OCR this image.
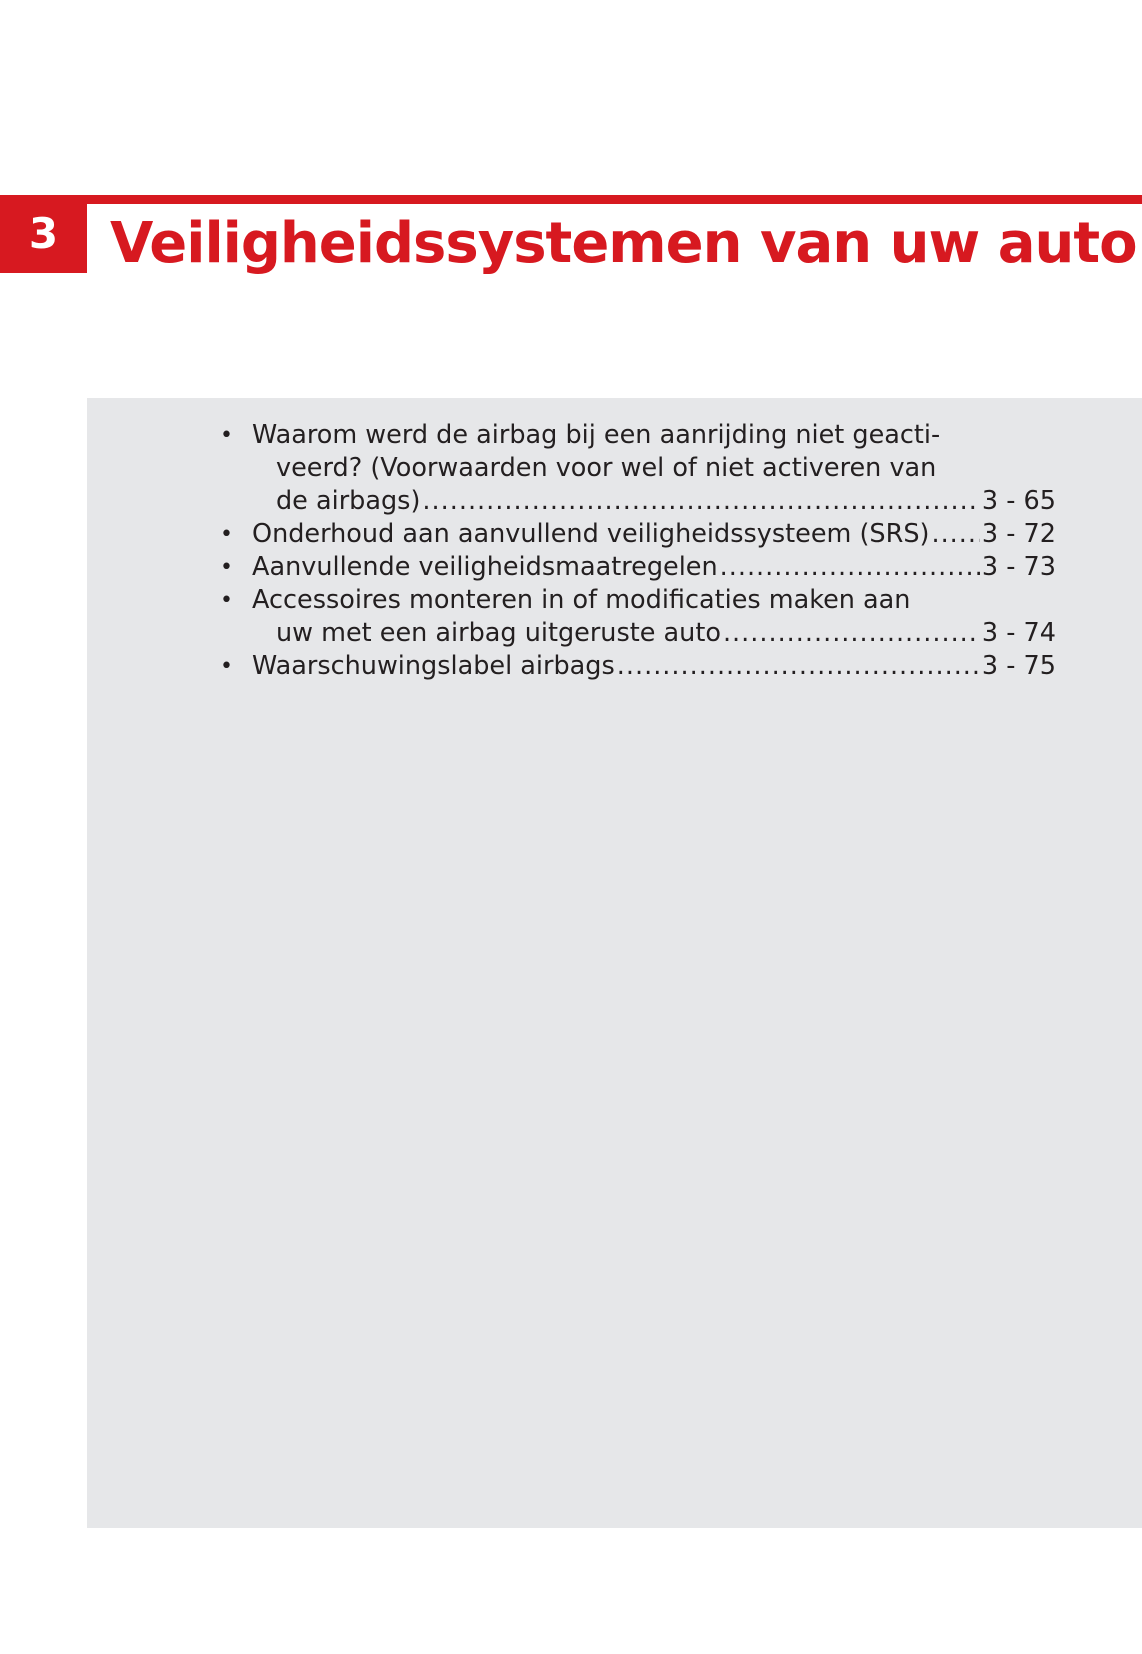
3 Veiligheidssystemen van uw auto
• Waarom werd de airbag bij een aanrijding niet geacti-
veerd? (Voorwaarden voor wel of niet activeren van
de airbags) .....	3 - 65
• Onderhoud aan aanvullend veiligheidssysteem (SRS) ..... 3 - 72
• Aanvullende veiligheidsmaatregelen .....	3 - 73
• Accessoires monteren in of modificaties maken aan
uw met een airbag uitgeruste auto .....	3 - 74
• Waarschuwingslabel airbags .....	3 - 75
